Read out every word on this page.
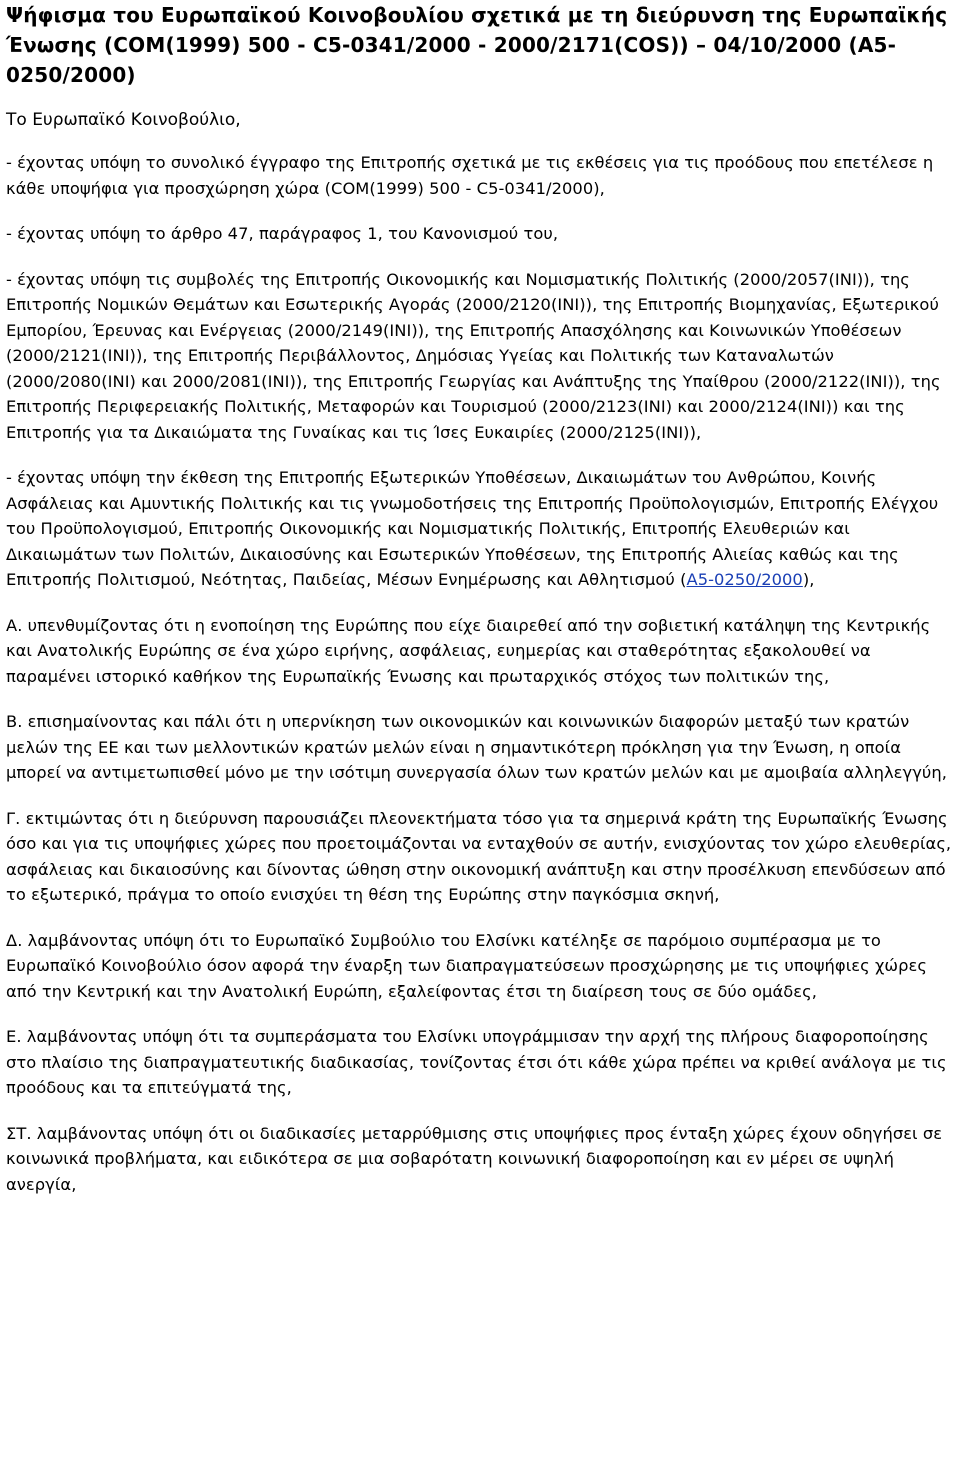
Ψήφισμα του Ευρωπαϊκού Κοινοβουλίου σχετικά με τη διεύρυνση της Ευρωπαϊκής Ένωσης (COM(1999) 500 - C5-0341/2000 - 2000/2171(COS)) – 04/10/2000 (A5-0250/2000)

Το Ευρωπαϊκό Κοινοβούλιο,

- έχοντας υπόψη το συνολικό έγγραφο της Επιτροπής σχετικά με τις εκθέσεις για τις προόδους που επετέλεσε η κάθε υποψήφια για προσχώρηση χώρα (COM(1999) 500 - C5-0341/2000),

- έχοντας υπόψη το άρθρο 47, παράγραφος 1, του Κανονισμού του,

- έχοντας υπόψη τις συμβολές της Επιτροπής Οικονομικής και Νομισματικής Πολιτικής (2000/2057(INI)), της Επιτροπής Νομικών Θεμάτων και Εσωτερικής Αγοράς (2000/2120(INI)), της Επιτροπής Βιομηχανίας, Εξωτερικού Εμπορίου, Έρευνας και Ενέργειας (2000/2149(INI)), της Επιτροπής Απασχόλησης και Κοινωνικών Υποθέσεων (2000/2121(INI)), της Επιτροπής Περιβάλλοντος, Δημόσιας Υγείας και Πολιτικής των Καταναλωτών (2000/2080(INI) και 2000/2081(INI)), της Επιτροπής Γεωργίας και Ανάπτυξης της Υπαίθρου (2000/2122(INI)), της Επιτροπής Περιφερειακής Πολιτικής, Μεταφορών και Τουρισμού (2000/2123(INI) και 2000/2124(INI)) και της Επιτροπής για τα Δικαιώματα της Γυναίκας και τις Ίσες Ευκαιρίες (2000/2125(INI)),

- έχοντας υπόψη την έκθεση της Επιτροπής Εξωτερικών Υποθέσεων, Δικαιωμάτων του Ανθρώπου, Κοινής Ασφάλειας και Αμυντικής Πολιτικής και τις γνωμοδοτήσεις της Επιτροπής Προϋπολογισμών, Επιτροπής Ελέγχου του Προϋπολογισμού, Επιτροπής Οικονομικής και Νομισματικής Πολιτικής, Επιτροπής Ελευθεριών και Δικαιωμάτων των Πολιτών, Δικαιοσύνης και Εσωτερικών Υποθέσεων, της Επιτροπής Αλιείας καθώς και της Επιτροπής Πολιτισμού, Νεότητας, Παιδείας, Μέσων Ενημέρωσης και Αθλητισμού (A5-0250/2000),

Α. υπενθυμίζοντας ότι η ενοποίηση της Ευρώπης που είχε διαιρεθεί από την σοβιετική κατάληψη της Κεντρικής και Ανατολικής Ευρώπης σε ένα χώρο ειρήνης, ασφάλειας, ευημερίας και σταθερότητας εξακολουθεί να παραμένει ιστορικό καθήκον της Ευρωπαϊκής Ένωσης και πρωταρχικός στόχος των πολιτικών της,

Β. επισημαίνοντας και πάλι ότι η υπερνίκηση των οικονομικών και κοινωνικών διαφορών μεταξύ των κρατών μελών της ΕΕ και των μελλοντικών κρατών μελών είναι η σημαντικότερη πρόκληση για την Ένωση, η οποία μπορεί να αντιμετωπισθεί μόνο με την ισότιμη συνεργασία όλων των κρατών μελών και με αμοιβαία αλληλεγγύη,

Γ. εκτιμώντας ότι η διεύρυνση παρουσιάζει πλεονεκτήματα τόσο για τα σημερινά κράτη της Ευρωπαϊκής Ένωσης όσο και για τις υποψήφιες χώρες που προετοιμάζονται να ενταχθούν σε αυτήν, ενισχύοντας τον χώρο ελευθερίας, ασφάλειας και δικαιοσύνης και δίνοντας ώθηση στην οικονομική ανάπτυξη και στην προσέλκυση επενδύσεων από το εξωτερικό, πράγμα το οποίο ενισχύει τη θέση της Ευρώπης στην παγκόσμια σκηνή,

Δ. λαμβάνοντας υπόψη ότι το Ευρωπαϊκό Συμβούλιο του Ελσίνκι κατέληξε σε παρόμοιο συμπέρασμα με το Ευρωπαϊκό Κοινοβούλιο όσον αφορά την έναρξη των διαπραγματεύσεων προσχώρησης με τις υποψήφιες χώρες από την Κεντρική και την Ανατολική Ευρώπη, εξαλείφοντας έτσι τη διαίρεση τους σε δύο ομάδες,

Ε. λαμβάνοντας υπόψη ότι τα συμπεράσματα του Ελσίνκι υπογράμμισαν την αρχή της πλήρους διαφοροποίησης στο πλαίσιο της διαπραγματευτικής διαδικασίας, τονίζοντας έτσι ότι κάθε χώρα πρέπει να κριθεί ανάλογα με τις προόδους και τα επιτεύγματά της,

ΣΤ. λαμβάνοντας υπόψη ότι οι διαδικασίες μεταρρύθμισης στις υποψήφιες προς ένταξη χώρες έχουν οδηγήσει σε κοινωνικά προβλήματα, και ειδικότερα σε μια σοβαρότατη κοινωνική διαφοροποίηση και εν μέρει σε υψηλή ανεργία,
